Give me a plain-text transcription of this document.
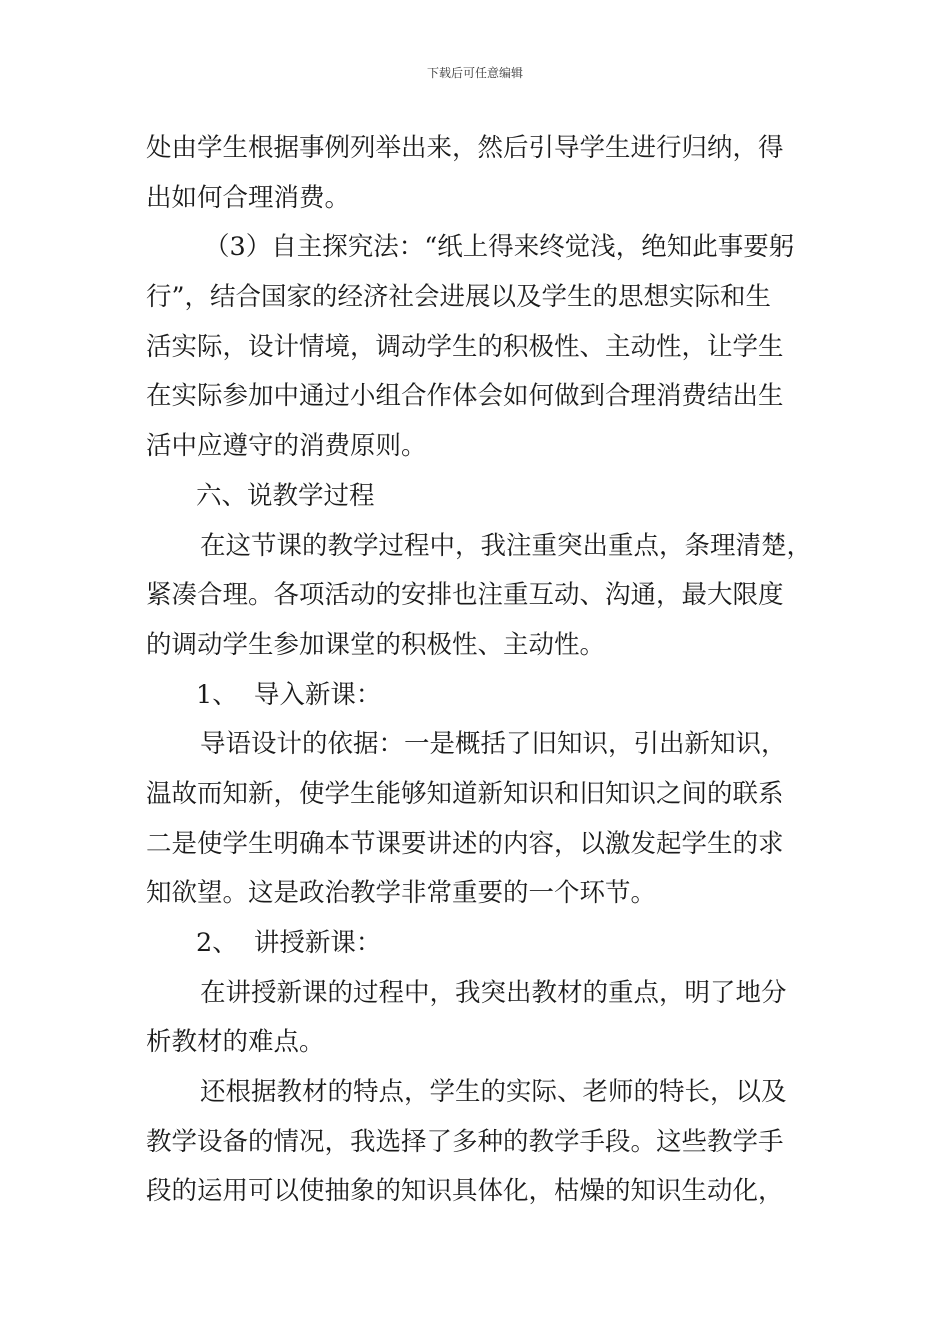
下载后可任意编辑
处由学生根据事例列举出来，然后引导学生进行归纳，得
出如何合理消费。
（3）自主探究法：“纸上得来终觉浅，绝知此事要躬
行”，结合国家的经济社会进展以及学生的思想实际和生
活实际，设计情境，调动学生的积极性、主动性，让学生
在实际参加中通过小组合作体会如何做到合理消费结出生
活中应遵守的消费原则。
六、说教学过程
在这节课的教学过程中，我注重突出重点，条理清楚，
紧凑合理。各项活动的安排也注重互动、沟通，最大限度
的调动学生参加课堂的积极性、主动性。
1、  导入新课：
导语设计的依据：一是概括了旧知识，引出新知识，
温故而知新，使学生能够知道新知识和旧知识之间的联系
二是使学生明确本节课要讲述的内容，以激发起学生的求
知欲望。这是政治教学非常重要的一个环节。
2、  讲授新课：
在讲授新课的过程中，我突出教材的重点，明了地分
析教材的难点。
还根据教材的特点，学生的实际、老师的特长，以及
教学设备的情况，我选择了多种的教学手段。这些教学手
段的运用可以使抽象的知识具体化，枯燥的知识生动化，
